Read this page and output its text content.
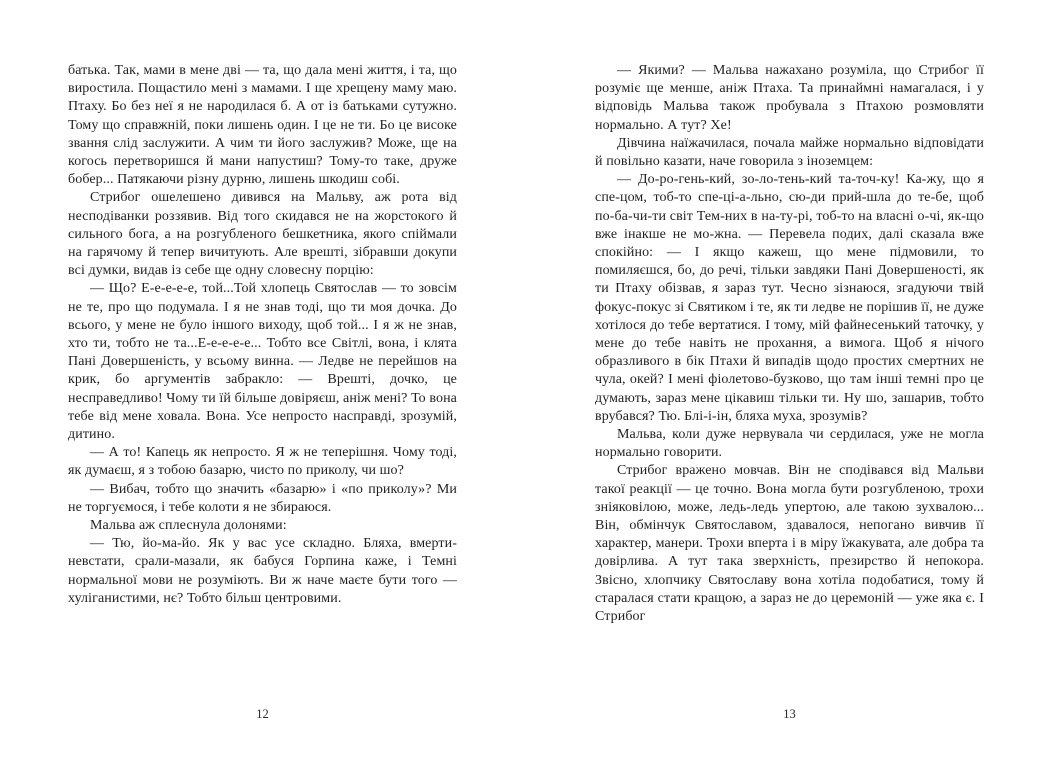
батька. Так, мами в мене дві — та, що дала мені життя, і та, що виростила. Пощастило мені з мамами. І ще хрещену маму маю. Птаху. Бо без неї я не народилася б. А от із батьками сутужно. Тому що справжній, поки лишень один. І це не ти. Бо це високе звання слід заслужити. А чим ти його заслужив? Може, ще на когось перетворишся й мани напустиш? Тому-то таке, друже бобер... Патякаючи різну дурню, лишень шкодиш собі.

Стрибог ошелешено дивився на Мальву, аж рота від несподіванки роззявив. Від того скидався не на жорстокого й сильного бога, а на розгубленого бешкетника, якого спіймали на гарячому й тепер вичитують. Але врешті, зібравши докупи всі думки, видав із себе ще одну словесну порцію:

— Що? Е-е-е-е-е, той...Той хлопець Святослав — то зовсім не те, про що подумала. І я не знав тоді, що ти моя дочка. До всього, у мене не було іншого виходу, щоб той... І я ж не знав, хто ти, тобто не та...Е-е-е-е-е... Тобто все Світлі, вона, і клята Пані Довершеність, у всьому винна. — Ледве не перейшов на крик, бо аргументів забракло: — Врешті, дочко, це несправедливо! Чому ти їй більше довіряєш, аніж мені? То вона тебе від мене ховала. Вона. Усе непросто насправді, зрозумій, дитино.

— А то! Капець як непросто. Я ж не теперішня. Чому тоді, як думаєш, я з тобою базарю, чисто по приколу, чи шо?

— Вибач, тобто що значить «базарю» і «по приколу»? Ми не торгуємося, і тебе колоти я не збираюся.

Мальва аж сплеснула долонями:

— Тю, йо-ма-йо. Як у вас усе складно. Бляха, вмерти-невстати, срали-мазали, як бабуся Горпина каже, і Темні нормальної мови не розуміють. Ви ж наче маєте бути того — хуліганистими, нє? Тобто більш центровими.

12

— Якими? — Мальва нажахано розуміла, що Стрибог її розуміє ще менше, аніж Птаха. Та принаймні намагалася, і у відповідь Мальва також пробувала з Птахою розмовляти нормально. А тут? Хе!

Дівчина наїжачилася, почала майже нормально відповідати й повільно казати, наче говорила з іноземцем:

— До-ро-гень-кий, зо-ло-тень-кий та-точ-ку! Ка-жу, що я спе-цом, тоб-то спе-ці-а-льно, сю-ди прий-шла до те-бе, щоб по-ба-чи-ти світ Тем-них в на-ту-рі, тоб-то на власні о-чі, як-що вже інакше не мо-жна. — Перевела подих, далі сказала вже спокійно: — І якщо кажеш, що мене підмовили, то помиляєшся, бо, до речі, тільки завдяки Пані Довершеності, як ти Птаху обізвав, я зараз тут. Чесно зізнаюся, згадуючи твій фокус-покус зі Святиком і те, як ти ледве не порішив її, не дуже хотілося до тебе вертатися. І тому, мій файнесенький таточку, у мене до тебе навіть не прохання, а вимога. Щоб я нічого образливого в бік Птахи й випадів щодо простих смертних не чула, окей? І мені фіолетово-бузково, що там інші темні про це думають, зараз мене цікавиш тільки ти. Ну шо, зашарив, тобто врубався? Тю. Блі-і-ін, бляха муха, зрозумів?

Мальва, коли дуже нервувала чи сердилася, уже не могла нормально говорити.

Стрибог вражено мовчав. Він не сподівався від Мальви такої реакції — це точно. Вона могла бути розгубленою, трохи зніяковілою, може, ледь-ледь упертою, але такою зухвалою... Він, обмінчук Святославом, здавалося, непогано вивчив її характер, манери. Трохи вперта і в міру їжакувата, але добра та довірлива. А тут така зверхність, презирство й непокора. Звісно, хлопчику Святославу вона хотіла подобатися, тому й старалася стати кращою, а зараз не до церемоній — уже яка є. І Стрибог

13
